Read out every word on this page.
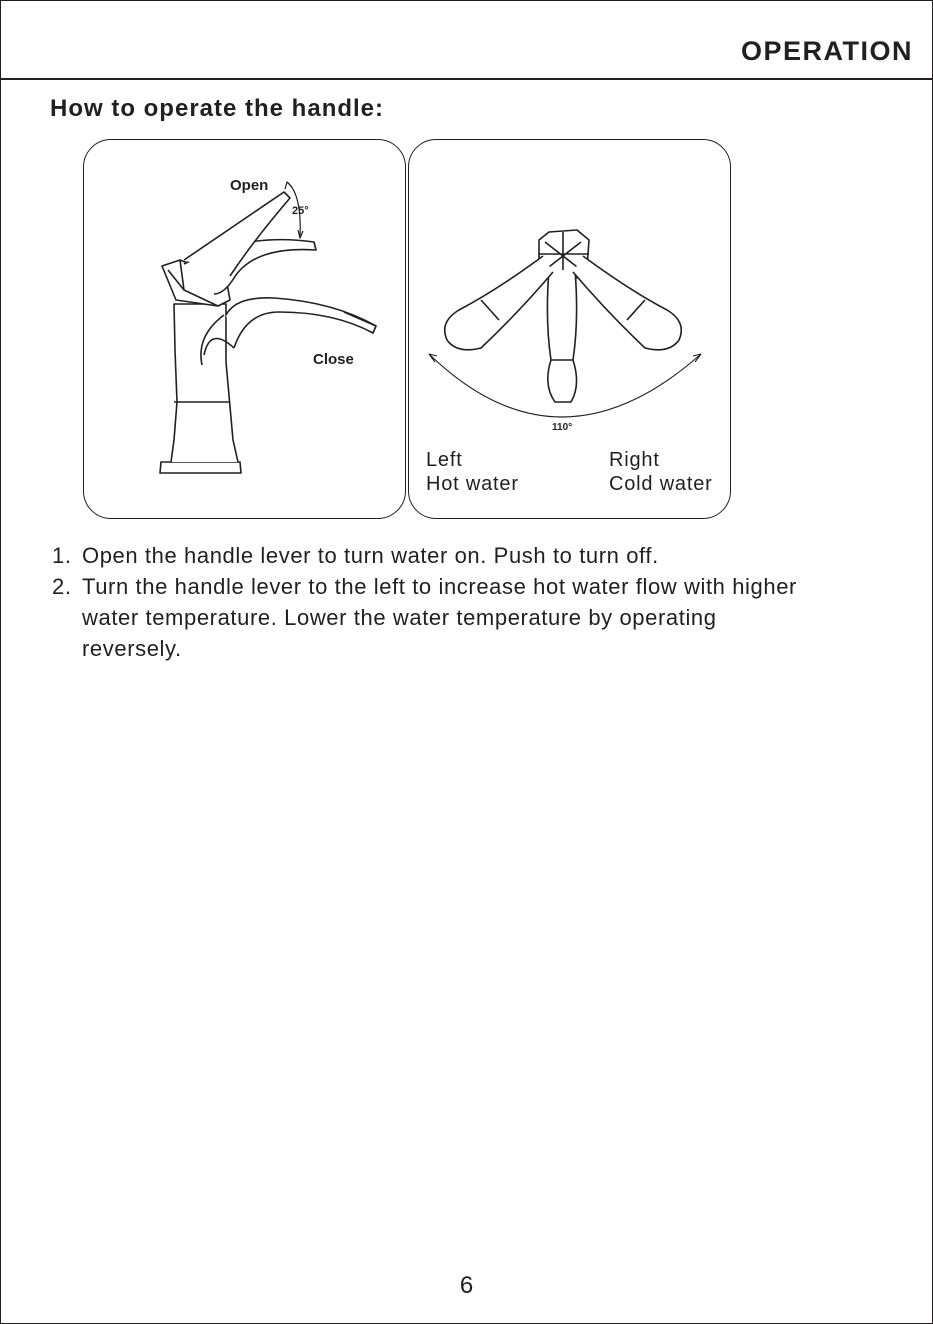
OPERATION
How to operate the handle:
Open
25°
Close
110°
Left
Hot water
Right
Cold water
1. Open the handle lever to turn water on. Push to turn off.
2. Turn the handle lever to the left to increase hot water flow with higher water temperature. Lower the water temperature by operating reversely.
6
